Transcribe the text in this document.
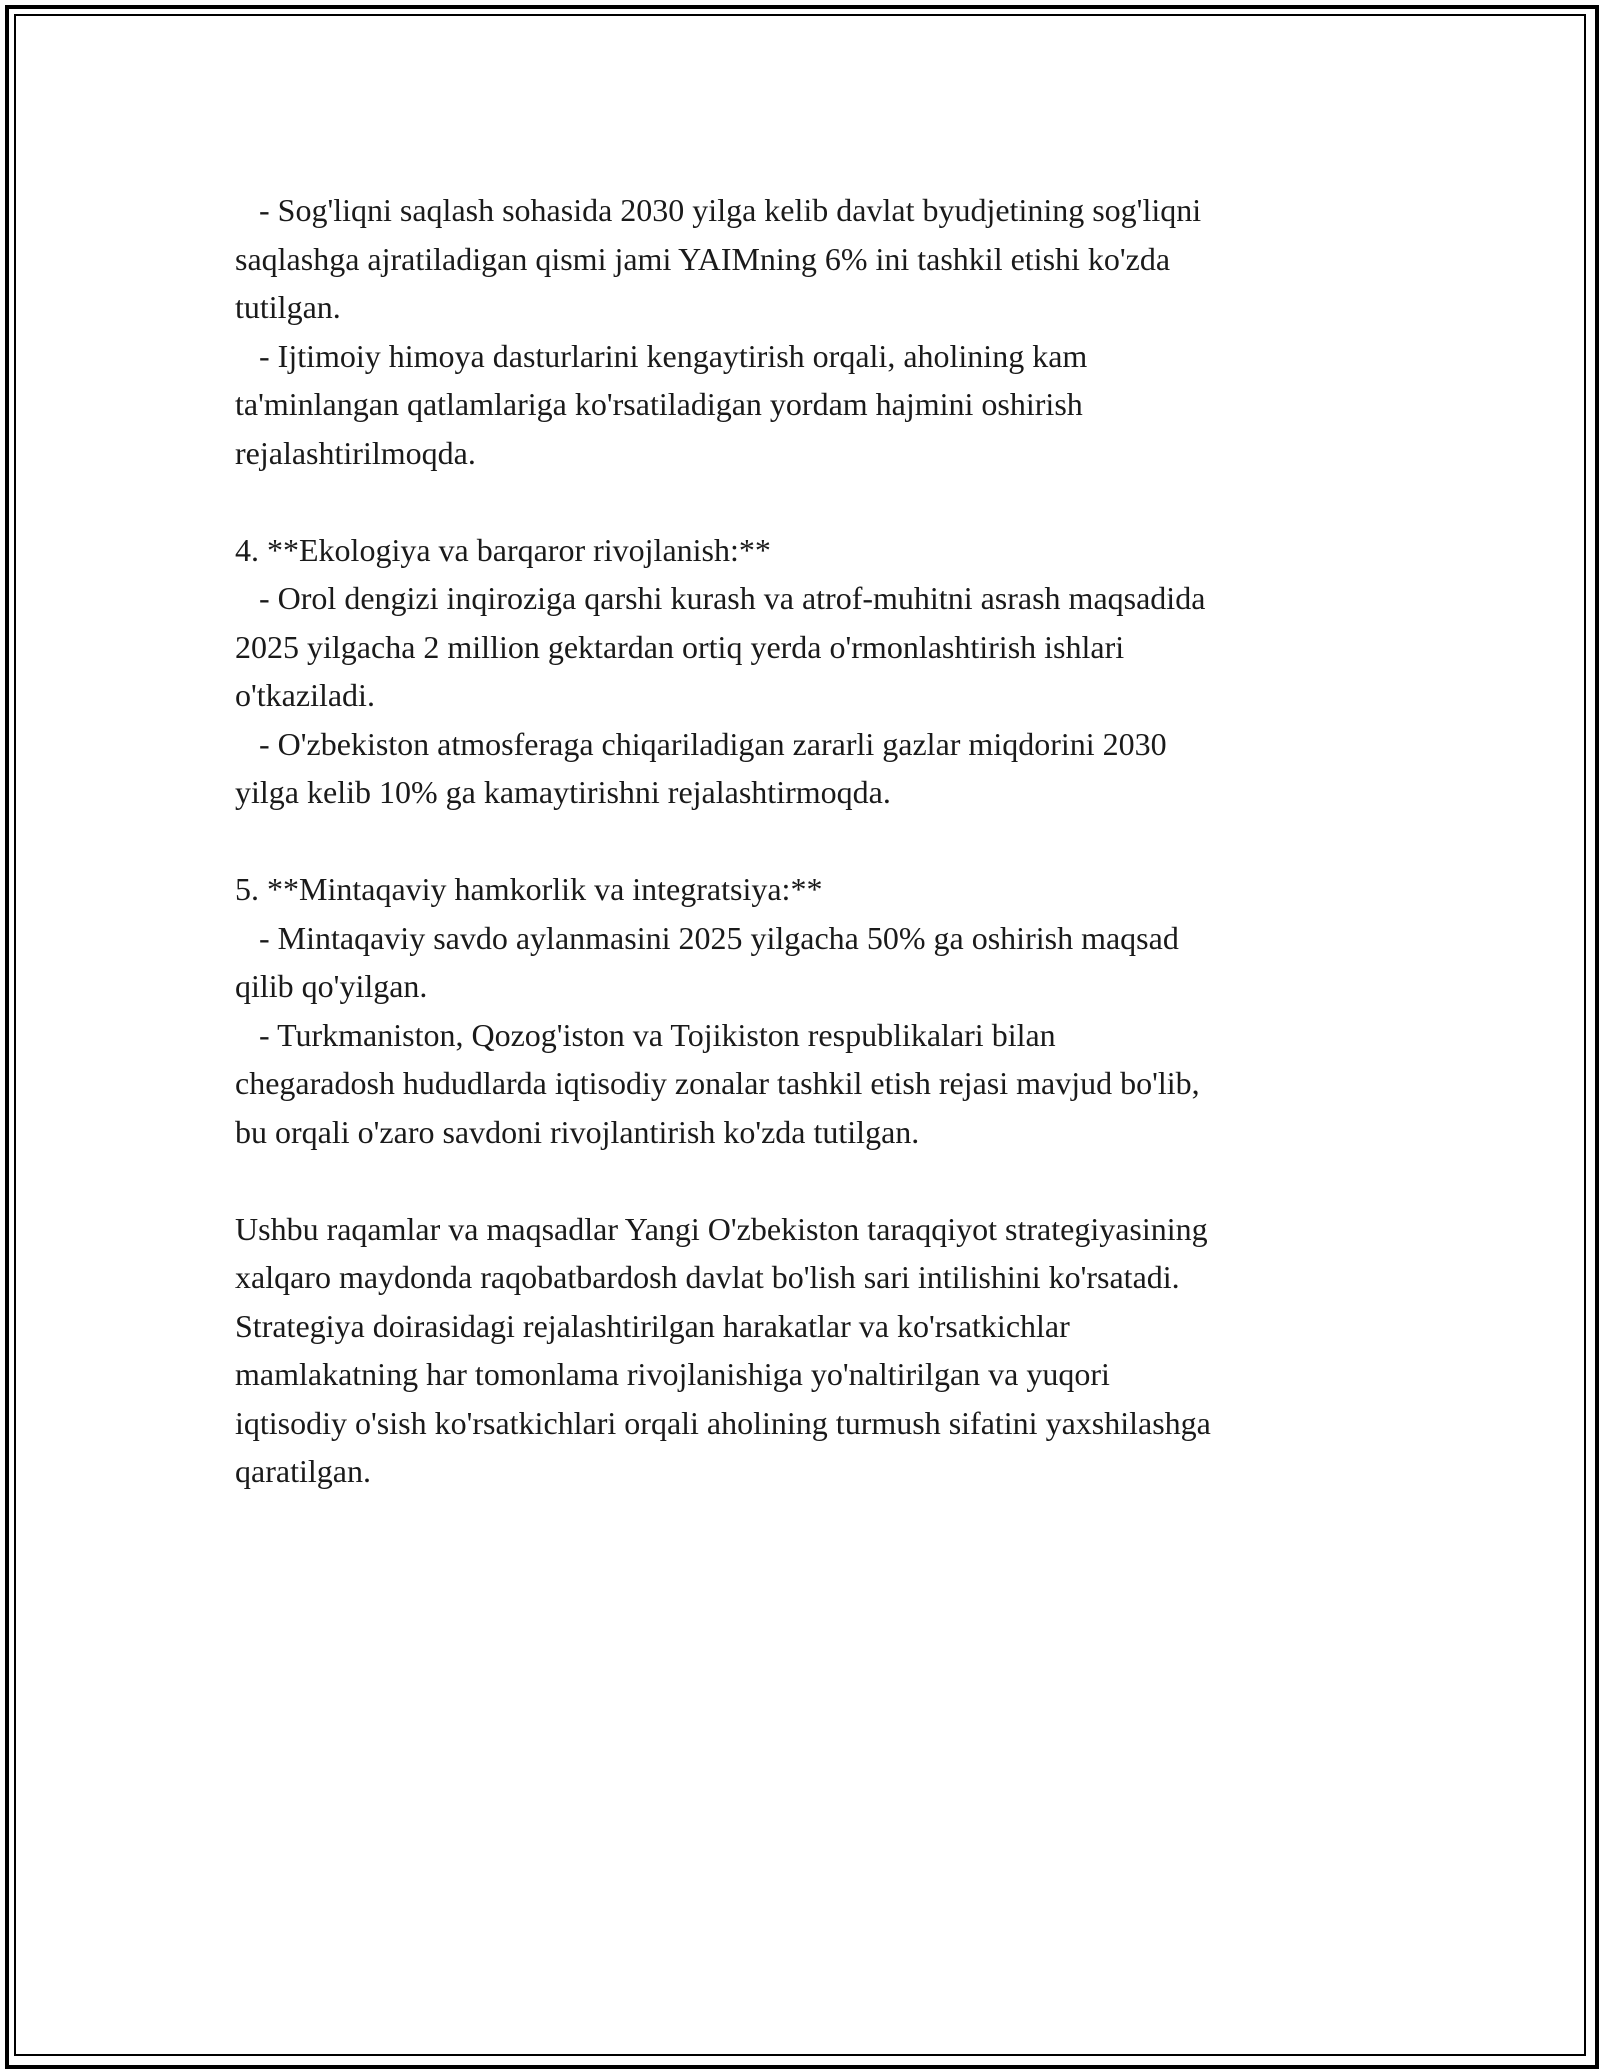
- Sog'liqni saqlash sohasida 2030 yilga kelib davlat byudjetining sog'liqni
saqlashga ajratiladigan qismi jami YAIMning 6% ini tashkil etishi ko'zda
tutilgan.
- Ijtimoiy himoya dasturlarini kengaytirish orqali, aholining kam
ta'minlangan qatlamlariga ko'rsatiladigan yordam hajmini oshirish
rejalashtirilmoqda.
4. **Ekologiya va barqaror rivojlanish:**
- Orol dengizi inqiroziga qarshi kurash va atrof-muhitni asrash maqsadida
2025 yilgacha 2 million gektardan ortiq yerda o'rmonlashtirish ishlari
o'tkaziladi.
- O'zbekiston atmosferaga chiqariladigan zararli gazlar miqdorini 2030
yilga kelib 10% ga kamaytirishni rejalashtirmoqda.
5. **Mintaqaviy hamkorlik va integratsiya:**
- Mintaqaviy savdo aylanmasini 2025 yilgacha 50% ga oshirish maqsad
qilib qo'yilgan.
- Turkmaniston, Qozog'iston va Tojikiston respublikalari bilan
chegaradosh hududlarda iqtisodiy zonalar tashkil etish rejasi mavjud bo'lib,
bu orqali o'zaro savdoni rivojlantirish ko'zda tutilgan.
Ushbu raqamlar va maqsadlar Yangi O'zbekiston taraqqiyot strategiyasining
xalqaro maydonda raqobatbardosh davlat bo'lish sari intilishini ko'rsatadi.
Strategiya doirasidagi rejalashtirilgan harakatlar va ko'rsatkichlar
mamlakatning har tomonlama rivojlanishiga yo'naltirilgan va yuqori
iqtisodiy o'sish ko'rsatkichlari orqali aholining turmush sifatini yaxshilashga
qaratilgan.
